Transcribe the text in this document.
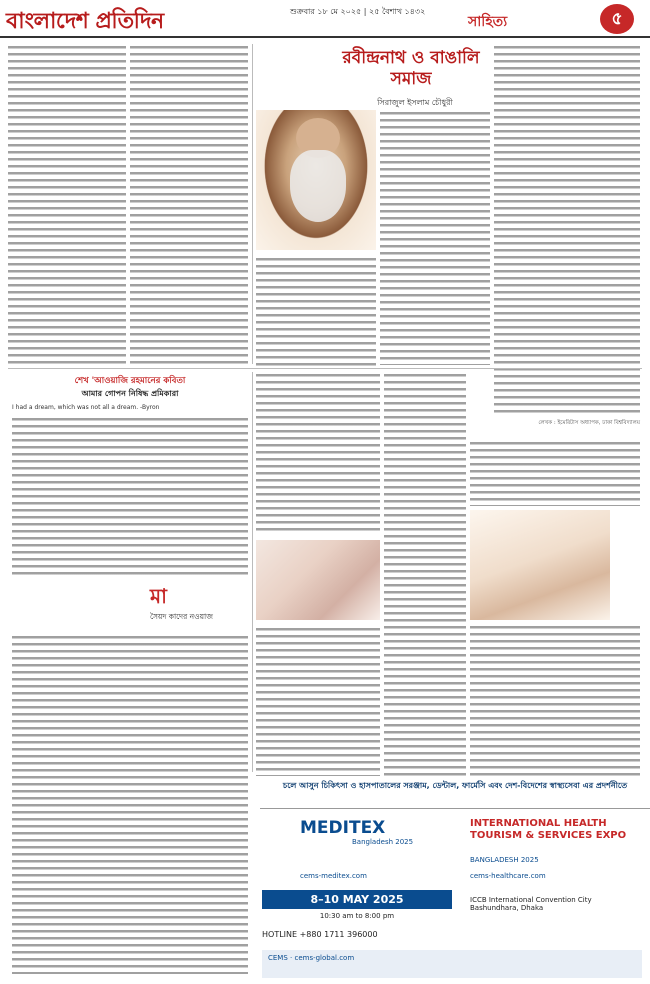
বাংলাদেশ প্রতিদিন	শুক্রবার ১৮ মে ২০২৫ | ২৫ বৈশাখ ১৪৩২
সাহিত্য	৫
রবীন্দ্রনাথ ও বাঙালি সমাজ
সিরাজুল ইসলাম চৌধুরী
লেখক : ইমেরিটাস অধ্যাপক, ঢাকা বিশ্ববিদ্যালয়
শেখ 'আওয়াজি রহমানের কবিতা
আমার গোপন নিষিদ্ধ প্রমিকারা
I had a dream, which was not all a dream. -Byron
মা
সৈয়দ কাদের নওয়াজ
চলে আসুন চিকিৎসা ও হাসপাতালের সরঞ্জাম, ডেন্টাল, ফার্মেসি এবং দেশ-বিদেশের স্বাস্থ্যসেবা এর প্রদর্শনীতে
MEDITEX
Bangladesh 2025
cems-meditex.com
INTERNATIONAL HEALTH TOURISM & SERVICES EXPO
BANGLADESH 2025
cems-healthcare.com
8–10 MAY 2025	ICCB International Convention City Bashundhara, Dhaka
10:30 am to 8:00 pm
HOTLINE +880 1711 396000
CEMS · cems-global.com
